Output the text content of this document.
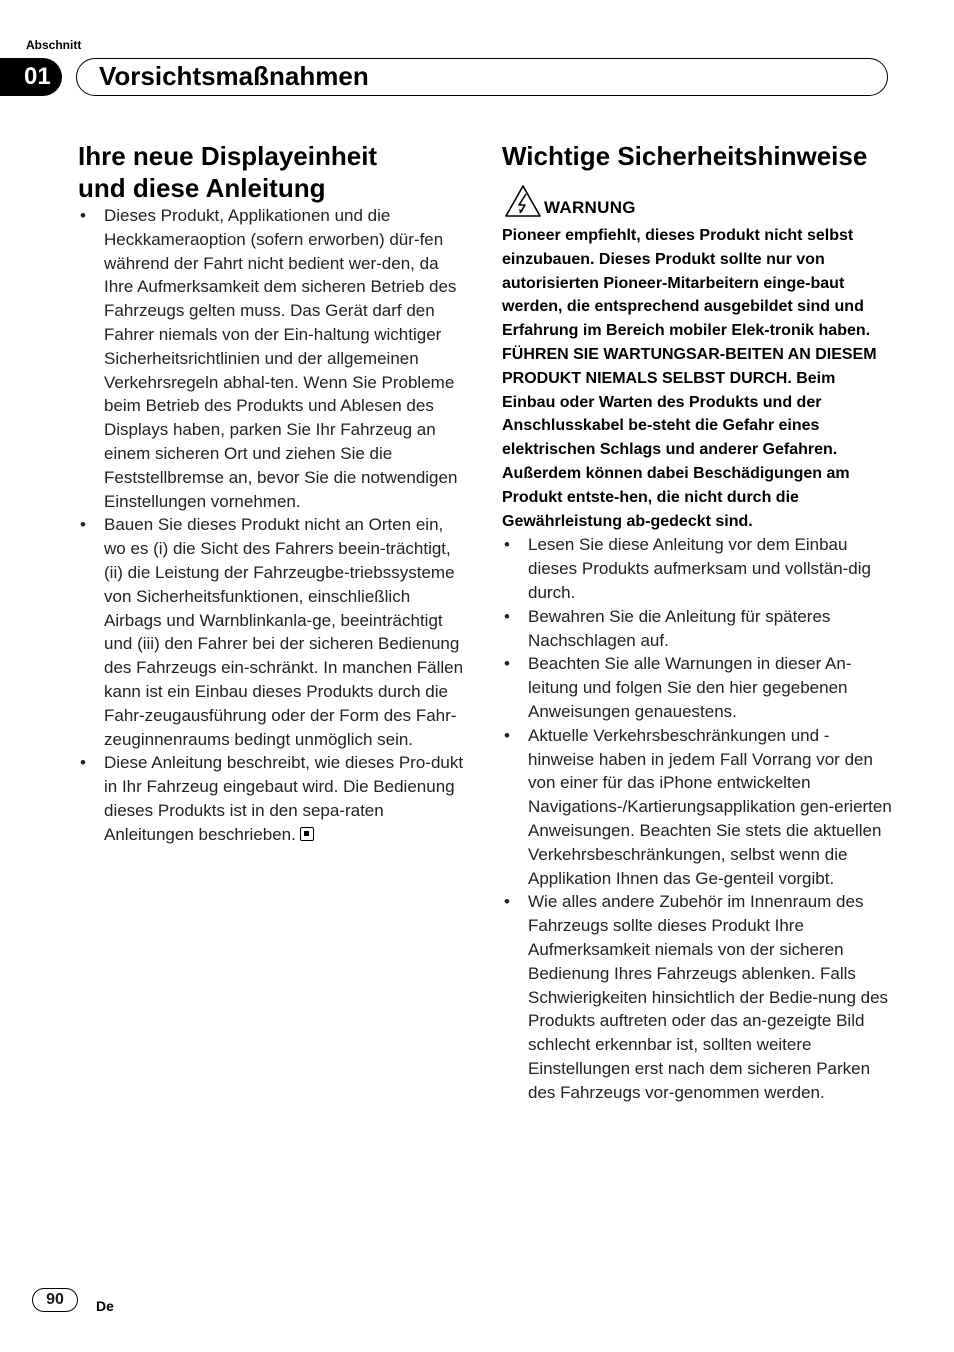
Abschnitt
01	Vorsichtsmaßnahmen
Ihre neue Displayeinheit
und diese Anleitung
• Dieses Produkt, Applikationen und die Heckkameraoption (sofern erworben) dür-fen während der Fahrt nicht bedient wer-den, da Ihre Aufmerksamkeit dem sicheren Betrieb des Fahrzeugs gelten muss. Das Gerät darf den Fahrer niemals von der Ein-haltung wichtiger Sicherheitsrichtlinien und der allgemeinen Verkehrsregeln abhal-ten. Wenn Sie Probleme beim Betrieb des Produkts und Ablesen des Displays haben, parken Sie Ihr Fahrzeug an einem sicheren Ort und ziehen Sie die Feststellbremse an, bevor Sie die notwendigen Einstellungen vornehmen.
• Bauen Sie dieses Produkt nicht an Orten ein, wo es (i) die Sicht des Fahrers beein-trächtigt, (ii) die Leistung der Fahrzeugbe-triebssysteme von Sicherheitsfunktionen, einschließlich Airbags und Warnblinkanla-ge, beeinträchtigt und (iii) den Fahrer bei der sicheren Bedienung des Fahrzeugs ein-schränkt. In manchen Fällen kann ist ein Einbau dieses Produkts durch die Fahr-zeugausführung oder der Form des Fahr-zeuginnenraums bedingt unmöglich sein.
• Diese Anleitung beschreibt, wie dieses Pro-dukt in Ihr Fahrzeug eingebaut wird. Die Bedienung dieses Produkts ist in den sepa-raten Anleitungen beschrieben.
Wichtige Sicherheitshinweise
WARNUNG

Pioneer empfiehlt, dieses Produkt nicht selbst einzubauen. Dieses Produkt sollte nur von autorisierten Pioneer-Mitarbeitern einge-baut werden, die entsprechend ausgebildet sind und Erfahrung im Bereich mobiler Elek-tronik haben. FÜHREN SIE WARTUNGSAR-BEITEN AN DIESEM PRODUKT NIEMALS SELBST DURCH. Beim Einbau oder Warten des Produkts und der Anschlusskabel be-steht die Gefahr eines elektrischen Schlags und anderer Gefahren. Außerdem können dabei Beschädigungen am Produkt entste-hen, die nicht durch die Gewährleistung ab-gedeckt sind.

• Lesen Sie diese Anleitung vor dem Einbau dieses Produkts aufmerksam und vollstän-dig durch.
• Bewahren Sie die Anleitung für späteres Nachschlagen auf.
• Beachten Sie alle Warnungen in dieser An-leitung und folgen Sie den hier gegebenen Anweisungen genauestens.
• Aktuelle Verkehrsbeschränkungen und -hinweise haben in jedem Fall Vorrang vor den von einer für das iPhone entwickelten Navigations-/Kartierungsapplikation gen-erierten Anweisungen. Beachten Sie stets die aktuellen Verkehrsbeschränkungen, selbst wenn die Applikation Ihnen das Ge-genteil vorgibt.
• Wie alles andere Zubehör im Innenraum des Fahrzeugs sollte dieses Produkt Ihre Aufmerksamkeit niemals von der sicheren Bedienung Ihres Fahrzeugs ablenken. Falls Schwierigkeiten hinsichtlich der Bedie-nung des Produkts auftreten oder das an-gezeigte Bild schlecht erkennbar ist, sollten weitere Einstellungen erst nach dem sicheren Parken des Fahrzeugs vor-genommen werden.
90	De
